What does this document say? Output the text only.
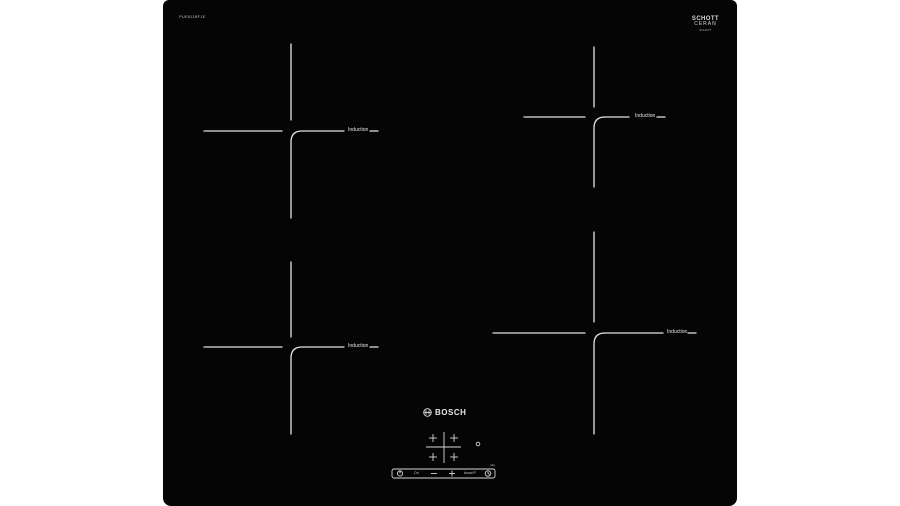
PUE611BF1E	SCHOTT
CERAN
SCHOTT
Induction
Induction
Induction
Induction
BOSCH
On	boost P
min
